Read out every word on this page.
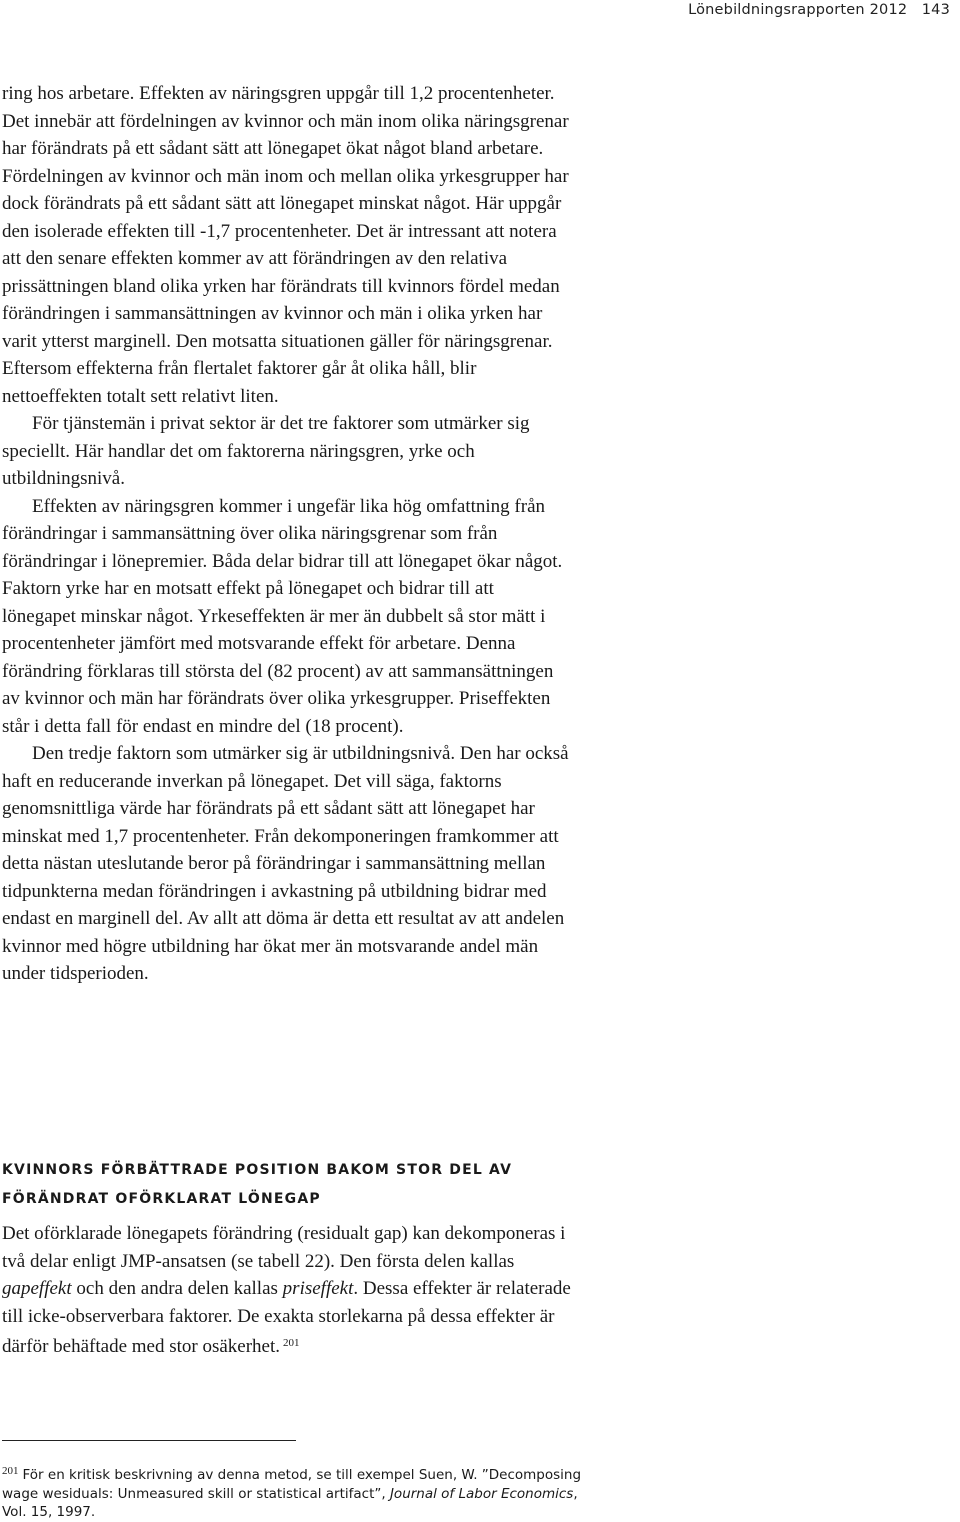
Lönebildningsrapporten 2012   143

ring hos arbetare. Effekten av näringsgren uppgår till 1,2 procentenheter. Det innebär att fördelningen av kvinnor och män inom olika näringsgrenar har förändrats på ett sådant sätt att lönegapet ökat något bland arbetare. Fördelningen av kvinnor och män inom och mellan olika yrkesgrupper har dock förändrats på ett sådant sätt att lönegapet minskat något. Här uppgår den isolerade effekten till -1,7 procentenheter. Det är intressant att notera att den senare effekten kommer av att förändringen av den relativa prissättningen bland olika yrken har förändrats till kvinnors fördel medan förändringen i sammansättningen av kvinnor och män i olika yrken har varit ytterst marginell. Den motsatta situationen gäller för näringsgrenar. Eftersom effekterna från flertalet faktorer går åt olika håll, blir nettoeffekten totalt sett relativt liten.

För tjänstemän i privat sektor är det tre faktorer som utmärker sig speciellt. Här handlar det om faktorerna näringsgren, yrke och utbildningsnivå.

Effekten av näringsgren kommer i ungefär lika hög omfattning från förändringar i sammansättning över olika näringsgrenar som från förändringar i lönepremier. Båda delar bidrar till att lönegapet ökar något. Faktorn yrke har en motsatt effekt på lönegapet och bidrar till att lönegapet minskar något. Yrkeseffekten är mer än dubbelt så stor mätt i procentenheter jämfört med motsvarande effekt för arbetare. Denna förändring förklaras till största del (82 procent) av att sammansättningen av kvinnor och män har förändrats över olika yrkesgrupper. Priseffekten står i detta fall för endast en mindre del (18 procent).

Den tredje faktorn som utmärker sig är utbildningsnivå. Den har också haft en reducerande inverkan på lönegapet. Det vill säga, faktorns genomsnittliga värde har förändrats på ett sådant sätt att lönegapet har minskat med 1,7 procentenheter. Från dekomponeringen framkommer att detta nästan uteslutande beror på förändringar i sammansättning mellan tidpunkterna medan förändringen i avkastning på utbildning bidrar med endast en marginell del. Av allt att döma är detta ett resultat av att andelen kvinnor med högre utbildning har ökat mer än motsvarande andel män under tidsperioden.

KVINNORS FÖRBÄTTRADE POSITION BAKOM STOR DEL AV FÖRÄNDRAT OFÖRKLARAT LÖNEGAP

Det oförklarade lönegapets förändring (residualt gap) kan dekomponeras i två delar enligt JMP-ansatsen (se tabell 22). Den första delen kallas gapeffekt och den andra delen kallas priseffekt. Dessa effekter är relaterade till icke-observerbara faktorer. De exakta storlekarna på dessa effekter är därför behäftade med stor osäkerhet. $^{201}$

$^{201}$ För en kritisk beskrivning av denna metod, se till exempel Suen, W. ”Decomposing wage wesiduals: Unmeasured skill or statistical artifact”, Journal of Labor Economics, Vol. 15, 1997.
